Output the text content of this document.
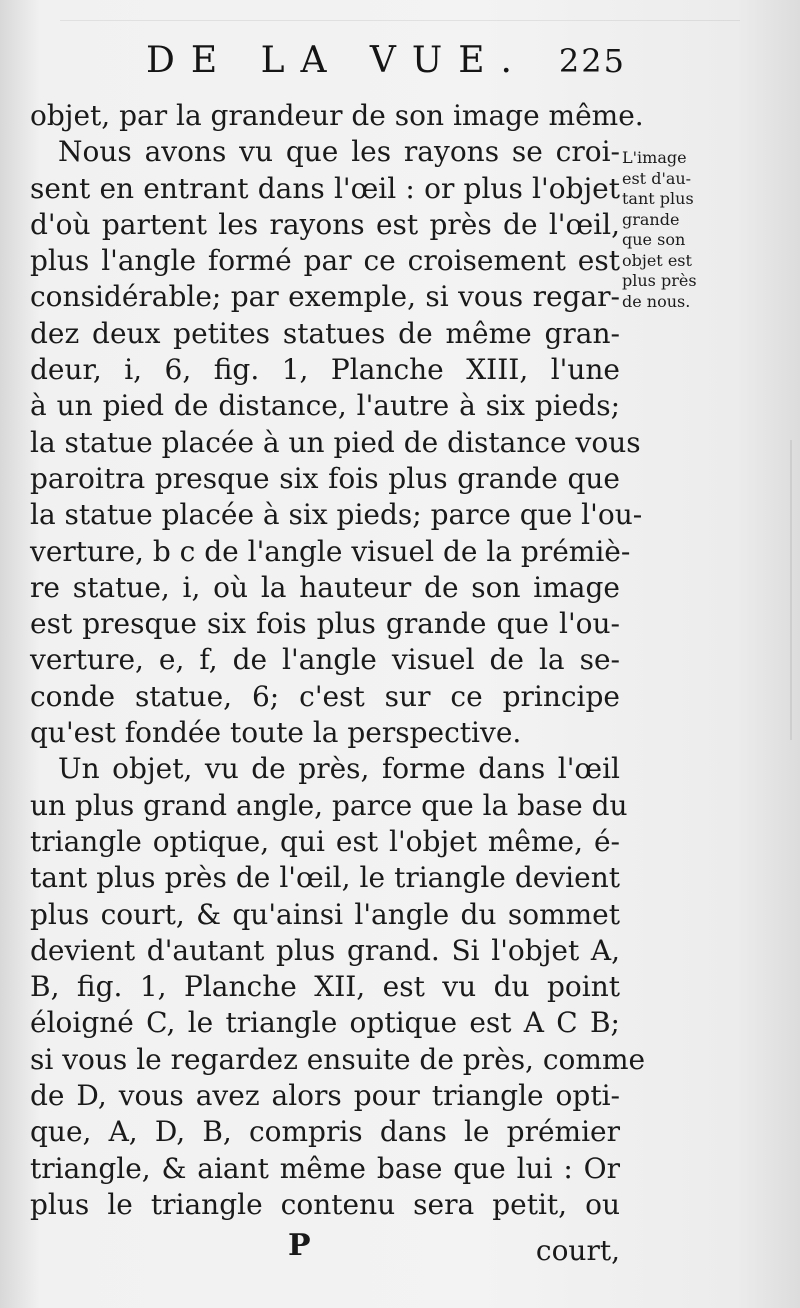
DE LA VUE. 225
objet, par la grandeur de son image même.
Nous avons vu que les rayons se croi-
sent en entrant dans l'œil : or plus l'objet
d'où partent les rayons est près de l'œil,
plus l'angle formé par ce croisement est
considérable; par exemple, si vous regar-
dez deux petites statues de même gran-
deur, i, 6, fig. 1, Planche XIII, l'une
à un pied de distance, l'autre à six pieds;
la statue placée à un pied de distance vous
paroitra presque six fois plus grande que
la statue placée à six pieds; parce que l'ou-
verture, b c de l'angle visuel de la prémiè-
re statue, i, où la hauteur de son image
est presque six fois plus grande que l'ou-
verture, e, f, de l'angle visuel de la se-
conde statue, 6; c'est sur ce principe
qu'est fondée toute la perspective.
Un objet, vu de près, forme dans l'œil
un plus grand angle, parce que la base du
triangle optique, qui est l'objet même, é-
tant plus près de l'œil, le triangle devient
plus court, & qu'ainsi l'angle du sommet
devient d'autant plus grand. Si l'objet A,
B, fig. 1, Planche XII, est vu du point
éloigné C, le triangle optique est A C B;
si vous le regardez ensuite de près, comme
de D, vous avez alors pour triangle opti-
que, A, D, B, compris dans le prémier
triangle, & aiant même base que lui : Or
plus le triangle contenu sera petit, ou
L'image
est d'au-
tant plus
grande
que son
objet est
plus près
de nous.
P	court,
